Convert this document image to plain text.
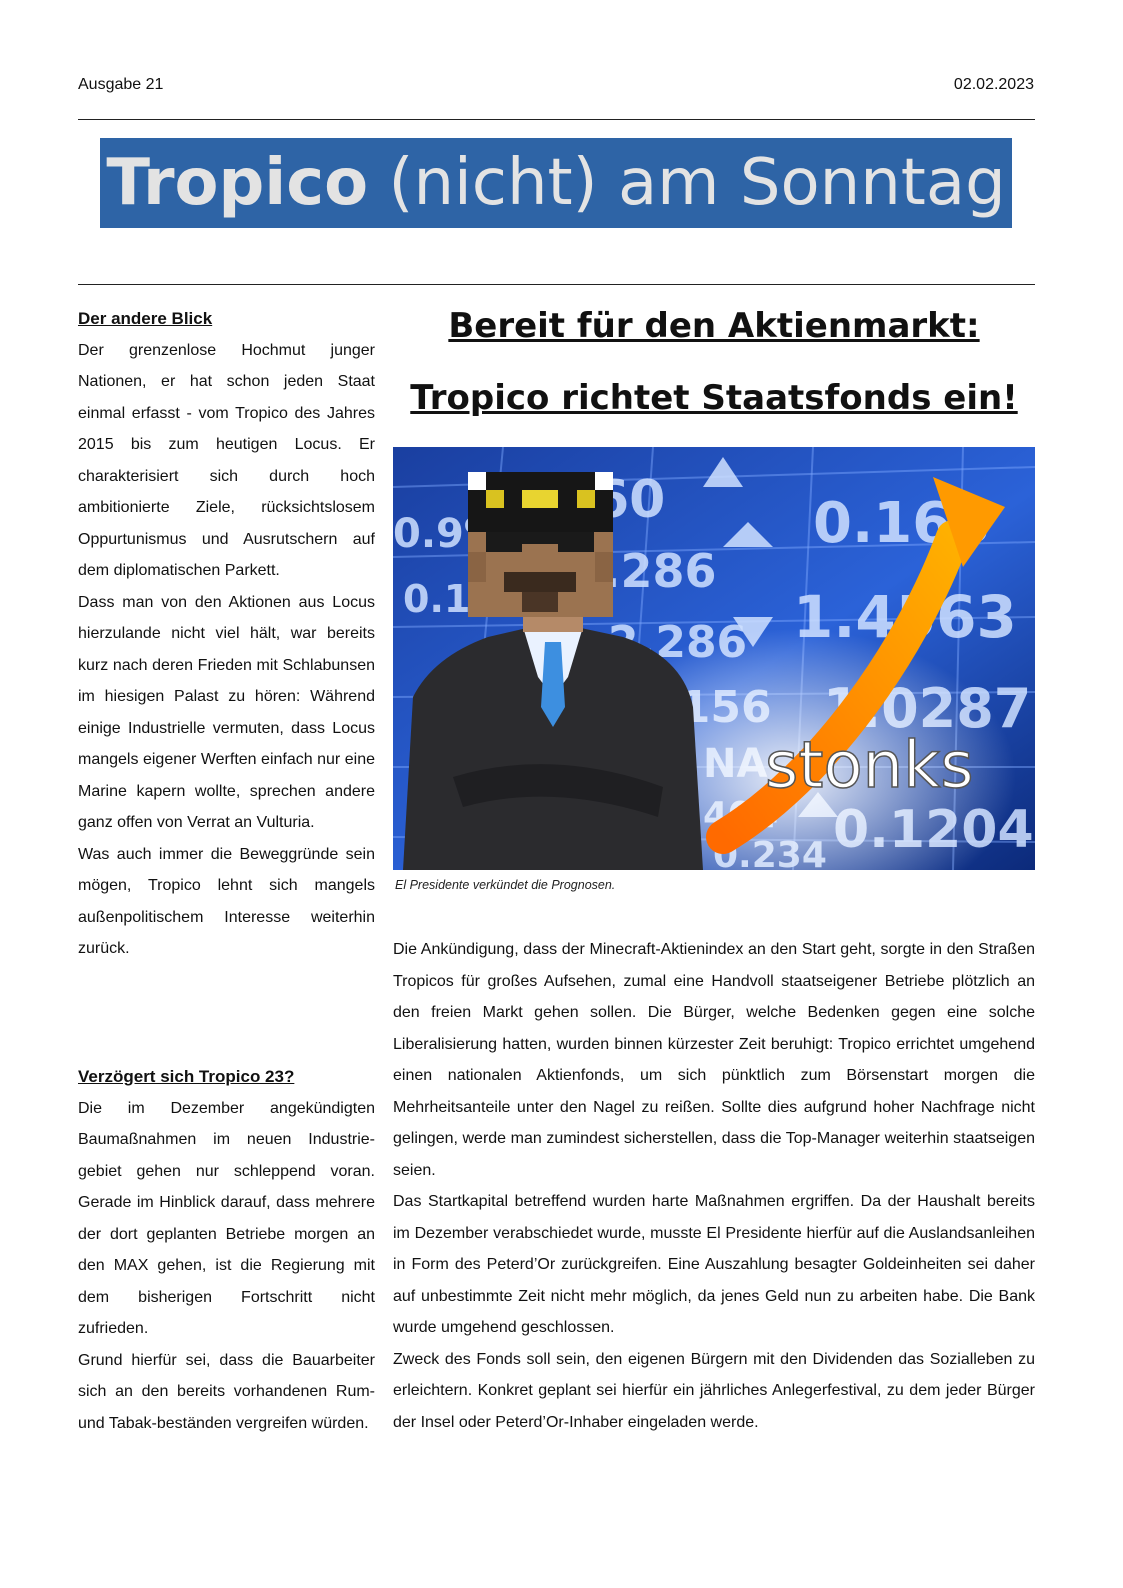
Ausgabe 21	02.02.2023
Tropico (nicht) am Sonntag
Der andere Blick

Der grenzenlose Hochmut junger Nationen, er hat schon jeden Staat einmal erfasst - vom Tropico des Jahres 2015 bis zum heutigen Locus. Er charakterisiert sich durch hoch ambitionierte Ziele, rücksichtslosem Oppurtunismus und Ausrutschern auf dem diplomatischen Parkett.

Dass man von den Aktionen aus Locus hierzulande nicht viel hält, war bereits kurz nach deren Frieden mit Schlabunsen im hiesigen Palast zu hören: Während einige Industrielle vermuten, dass Locus mangels eigener Werften einfach nur eine Marine kapern wollte, sprechen andere ganz offen von Verrat an Vulturia.

Was auch immer die Beweggründe sein mögen, Tropico lehnt sich mangels außenpolitischem Interesse weiterhin zurück.

Verzögert sich Tropico 23?

Die im Dezember angekündigten Baumaßnahmen im neuen Industrie-gebiet gehen nur schleppend voran. Gerade im Hinblick darauf, dass mehrere der dort geplanten Betriebe morgen an den MAX gehen, ist die Regierung mit dem bisherigen Fortschritt nicht zufrieden.

Grund hierfür sei, dass die Bauarbeiter sich an den bereits vorhandenen Rum- und Tabak-beständen vergreifen würden.

Bereit für den Aktienmarkt:
Tropico richtet Staatsfonds ein!
stonks
El Presidente verkündet die Prognosen.

Die Ankündigung, dass der Minecraft-Aktienindex an den Start geht, sorgte in den Straßen Tropicos für großes Aufsehen, zumal eine Handvoll staatseigener Betriebe plötzlich an den freien Markt gehen sollen. Die Bürger, welche Bedenken gegen eine solche Liberalisierung hatten, wurden binnen kürzester Zeit beruhigt: Tropico errichtet umgehend einen nationalen Aktienfonds, um sich pünktlich zum Börsenstart morgen die Mehrheitsanteile unter den Nagel zu reißen. Sollte dies aufgrund hoher Nachfrage nicht gelingen, werde man zumindest sicherstellen, dass die Top-Manager weiterhin staatseigen seien.

Das Startkapital betreffend wurden harte Maßnahmen ergriffen. Da der Haushalt bereits im Dezember verabschiedet wurde, musste El Presidente hierfür auf die Auslandsanleihen in Form des Peterd’Or zurückgreifen. Eine Auszahlung besagter Goldeinheiten sei daher auf unbestimmte Zeit nicht mehr möglich, da jenes Geld nun zu arbeiten habe. Die Bank wurde umgehend geschlossen.

Zweck des Fonds soll sein, den eigenen Bürgern mit den Dividenden das Sozialleben zu erleichtern. Konkret geplant sei hierfür ein jährliches Anlegerfestival, zu dem jeder Bürger der Insel oder Peterd’Or-Inhaber eingeladen werde.
